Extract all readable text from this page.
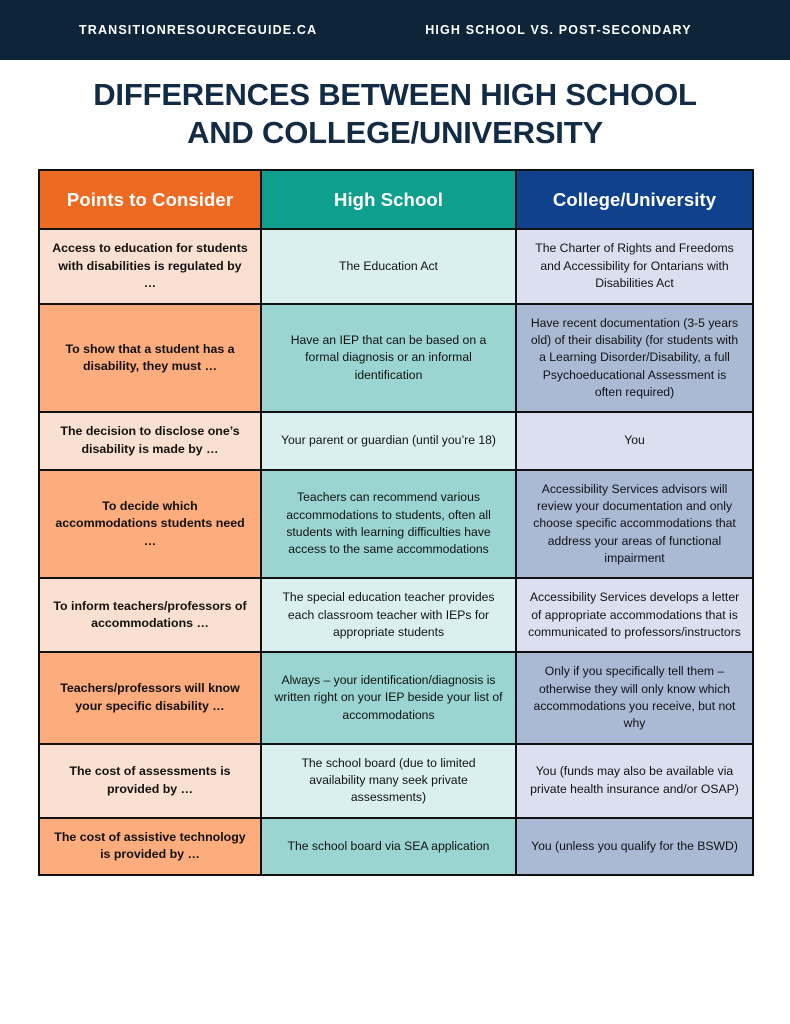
TRANSITIONRESOURCEGUIDE.CA	HIGH SCHOOL VS. POST-SECONDARY
DIFFERENCES BETWEEN HIGH SCHOOL AND COLLEGE/UNIVERSITY
Points to Consider	High School	College/University
Access to education for students with disabilities is regulated by …	The Education Act	The Charter of Rights and Freedoms and Accessibility for Ontarians with Disabilities Act
To show that a student has a disability, they must …	Have an IEP that can be based on a formal diagnosis or an informal identification	Have recent documentation (3-5 years old) of their disability (for students with a Learning Disorder/Disability, a full Psychoeducational Assessment is often required)
The decision to disclose one’s disability is made by …	Your parent or guardian (until you’re 18)	You
To decide which accommodations students need …	Teachers can recommend various accommodations to students, often all students with learning difficulties have access to the same accommodations	Accessibility Services advisors will review your documentation and only choose specific accommodations that address your areas of functional impairment
To inform teachers/professors of accommodations …	The special education teacher provides each classroom teacher with IEPs for appropriate students	Accessibility Services develops a letter of appropriate accommodations that is communicated to professors/instructors
Teachers/professors will know your specific disability …	Always – your identification/diagnosis is written right on your IEP beside your list of accommodations	Only if you specifically tell them – otherwise they will only know which accommodations you receive, but not why
The cost of assessments is provided by …	The school board (due to limited availability many seek private assessments)	You (funds may also be available via private health insurance and/or OSAP)
The cost of assistive technology is provided by …	The school board via SEA application	You (unless you qualify for the BSWD)
